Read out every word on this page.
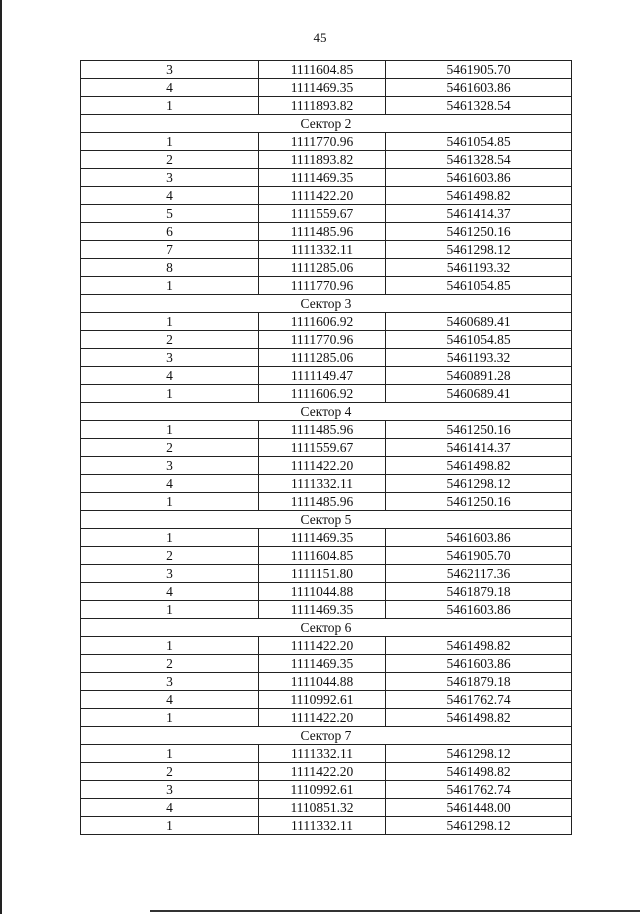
45
3	1111604.85	5461905.70
4	1111469.35	5461603.86
1	1111893.82	5461328.54
Сектор 2		
1	1111770.96	5461054.85
2	1111893.82	5461328.54
3	1111469.35	5461603.86
4	1111422.20	5461498.82
5	1111559.67	5461414.37
6	1111485.96	5461250.16
7	1111332.11	5461298.12
8	1111285.06	5461193.32
1	1111770.96	5461054.85
Сектор 3		
1	1111606.92	5460689.41
2	1111770.96	5461054.85
3	1111285.06	5461193.32
4	1111149.47	5460891.28
1	1111606.92	5460689.41
Сектор 4		
1	1111485.96	5461250.16
2	1111559.67	5461414.37
3	1111422.20	5461498.82
4	1111332.11	5461298.12
1	1111485.96	5461250.16
Сектор 5		
1	1111469.35	5461603.86
2	1111604.85	5461905.70
3	1111151.80	5462117.36
4	1111044.88	5461879.18
1	1111469.35	5461603.86
Сектор 6		
1	1111422.20	5461498.82
2	1111469.35	5461603.86
3	1111044.88	5461879.18
4	1110992.61	5461762.74
1	1111422.20	5461498.82
Сектор 7		
1	1111332.11	5461298.12
2	1111422.20	5461498.82
3	1110992.61	5461762.74
4	1110851.32	5461448.00
1	1111332.11	5461298.12
